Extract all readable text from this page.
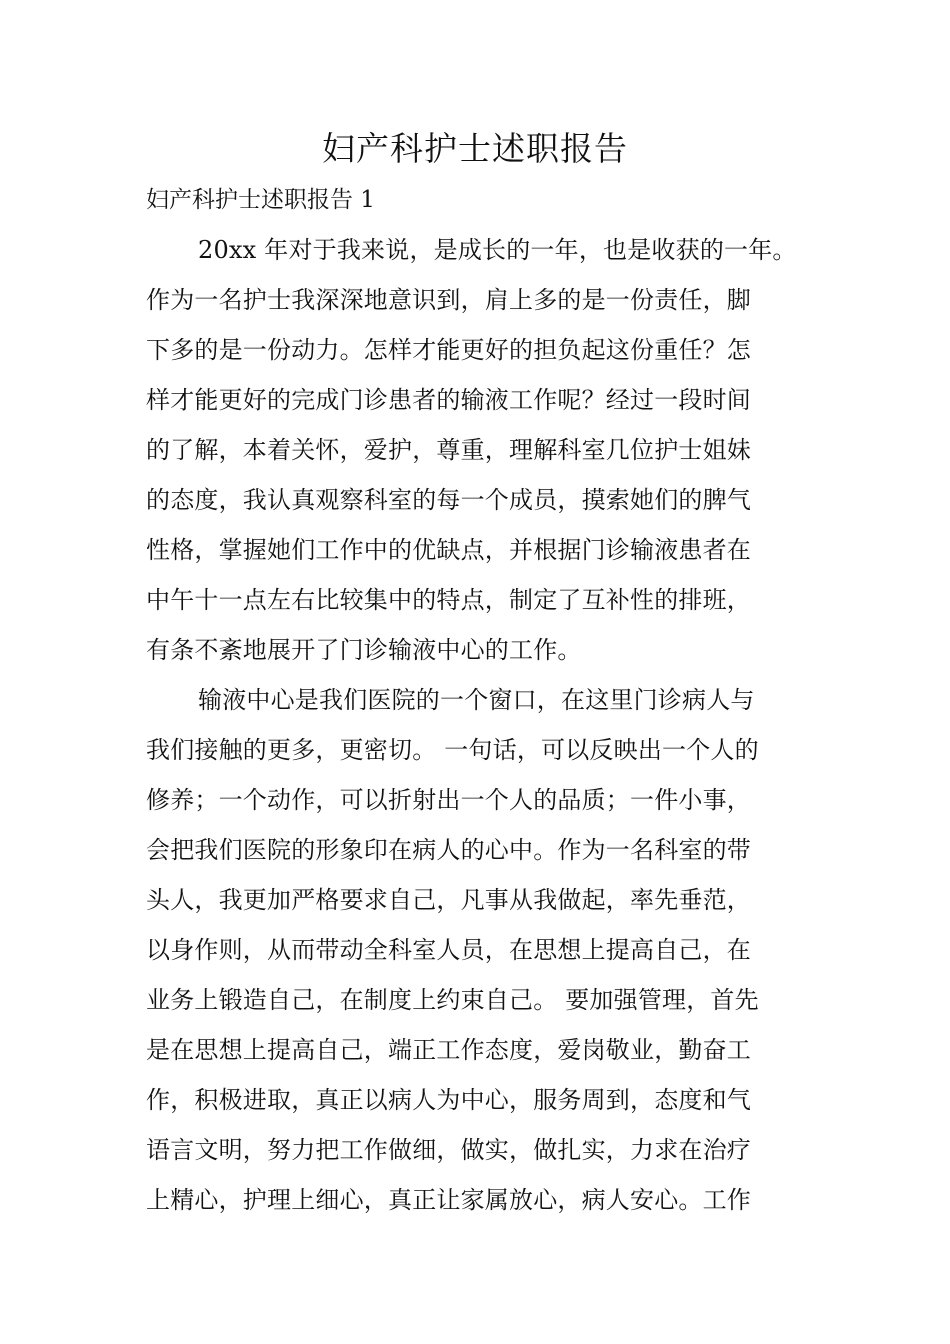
妇产科护士述职报告
妇产科护士述职报告 1
20xx 年对于我来说，是成长的一年，也是收获的一年。
作为一名护士我深深地意识到，肩上多的是一份责任，脚
下多的是一份动力。怎样才能更好的担负起这份重任？怎
样才能更好的完成门诊患者的输液工作呢？经过一段时间
的了解，本着关怀，爱护，尊重，理解科室几位护士姐妹
的态度，我认真观察科室的每一个成员，摸索她们的脾气
性格，掌握她们工作中的优缺点，并根据门诊输液患者在
中午十一点左右比较集中的特点，制定了互补性的排班，
有条不紊地展开了门诊输液中心的工作。
输液中心是我们医院的一个窗口，在这里门诊病人与
我们接触的更多，更密切。 一句话，可以反映出一个人的
修养；一个动作，可以折射出一个人的品质；一件小事，
会把我们医院的形象印在病人的心中。作为一名科室的带
头人，我更加严格要求自己，凡事从我做起，率先垂范，
以身作则，从而带动全科室人员，在思想上提高自己，在
业务上锻造自己，在制度上约束自己。 要加强管理，首先
是在思想上提高自己，端正工作态度，爱岗敬业，勤奋工
作，积极进取，真正以病人为中心，服务周到，态度和气
语言文明，努力把工作做细，做实，做扎实，力求在治疗
上精心，护理上细心，真正让家属放心，病人安心。工作
